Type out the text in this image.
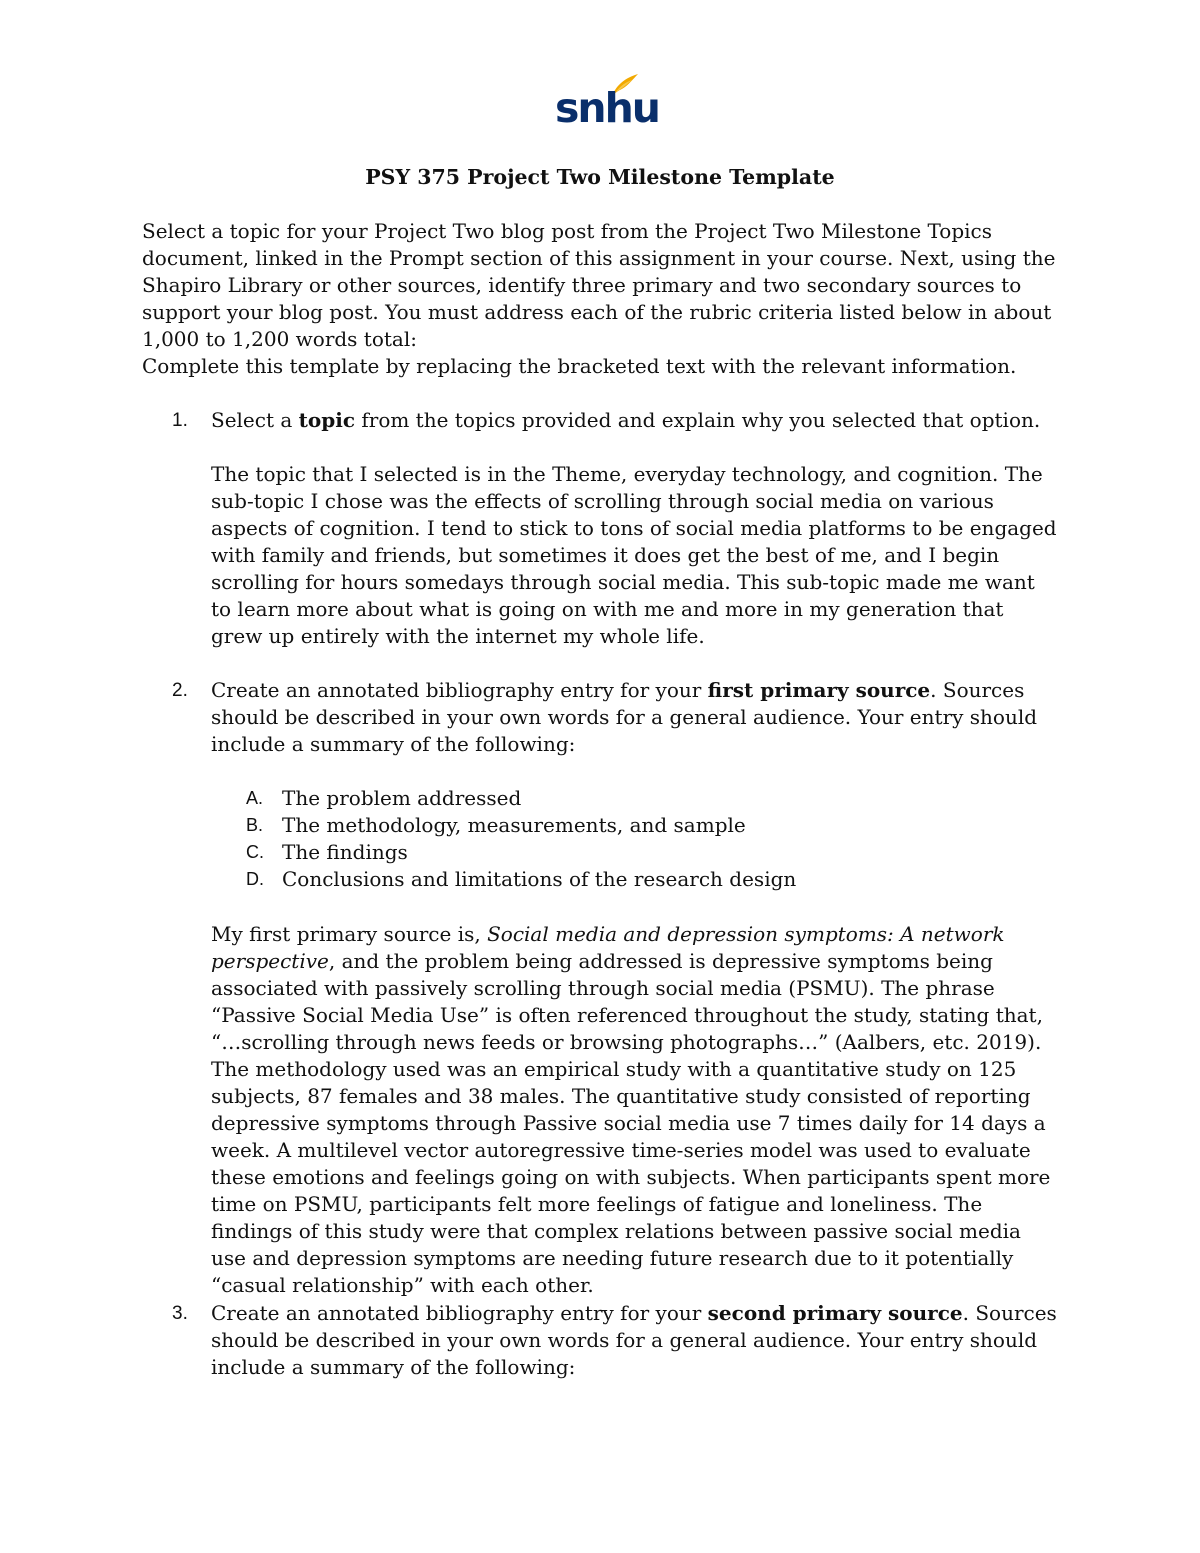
snhu
PSY 375 Project Two Milestone Template

Select a topic for your Project Two blog post from the Project Two Milestone Topics document, linked in the Prompt section of this assignment in your course. Next, using the Shapiro Library or other sources, identify three primary and two secondary sources to support your blog post. You must address each of the rubric criteria listed below in about 1,000 to 1,200 words total:

Complete this template by replacing the bracketed text with the relevant information.

1. Select a topic from the topics provided and explain why you selected that option.
The topic that I selected is in the Theme, everyday technology, and cognition. The sub-topic I chose was the effects of scrolling through social media on various aspects of cognition. I tend to stick to tons of social media platforms to be engaged with family and friends, but sometimes it does get the best of me, and I begin scrolling for hours somedays through social media. This sub-topic made me want to learn more about what is going on with me and more in my generation that grew up entirely with the internet my whole life.
2. Create an annotated bibliography entry for your first primary source. Sources should be described in your own words for a general audience. Your entry should include a summary of the following:
A. The problem addressed
B. The methodology, measurements, and sample
C. The findings
D. Conclusions and limitations of the research design
My first primary source is, Social media and depression symptoms: A network perspective, and the problem being addressed is depressive symptoms being associated with passively scrolling through social media (PSMU). The phrase “Passive Social Media Use” is often referenced throughout the study, stating that, “…scrolling through news feeds or browsing photographs…” (Aalbers, etc. 2019). The methodology used was an empirical study with a quantitative study on 125 subjects, 87 females and 38 males. The quantitative study consisted of reporting depressive symptoms through Passive social media use 7 times daily for 14 days a week. A multilevel vector autoregressive time-series model was used to evaluate these emotions and feelings going on with subjects. When participants spent more time on PSMU, participants felt more feelings of fatigue and loneliness. The findings of this study were that complex relations between passive social media use and depression symptoms are needing future research due to it potentially “casual relationship” with each other.
3. Create an annotated bibliography entry for your second primary source. Sources should be described in your own words for a general audience. Your entry should include a summary of the following:
